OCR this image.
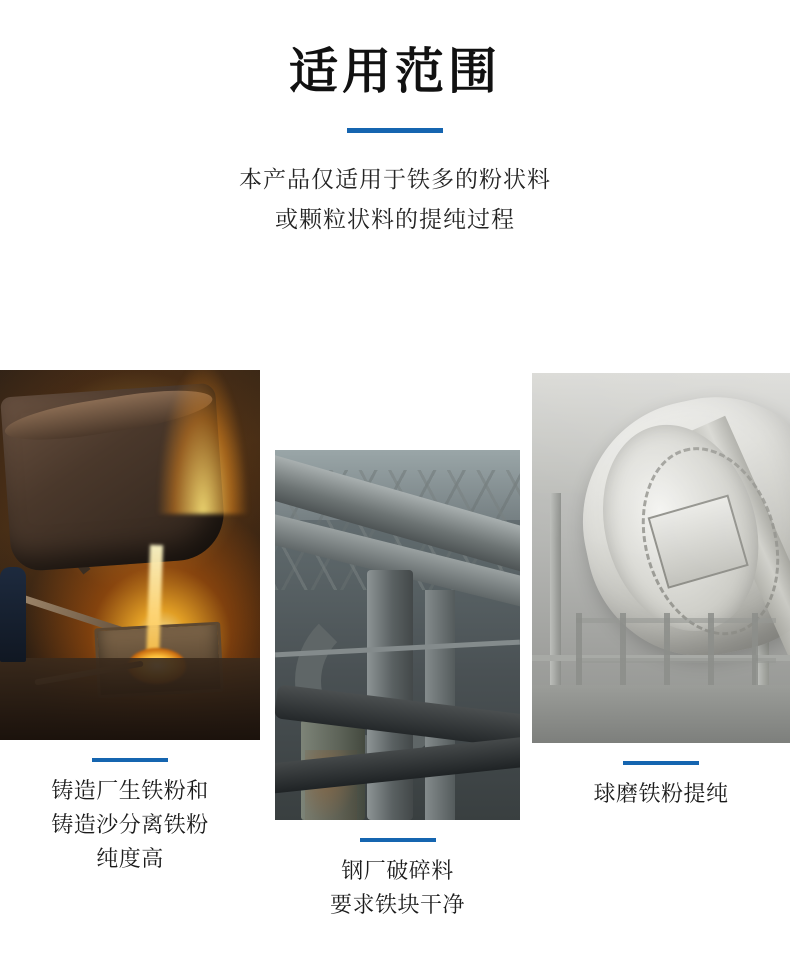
适用范围
本产品仅适用于铁多的粉状料
或颗粒状料的提纯过程
铸造厂生铁粉和
铸造沙分离铁粉
纯度高	钢厂破碎料
要求铁块干净
球磨铁粉提纯
